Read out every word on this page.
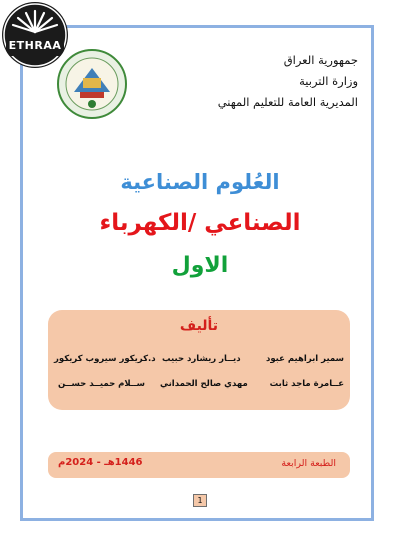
ETHRAA
جمهورية العراق
وزارة التربية
المديرية العامة للتعليم المهني
العُلوم الصناعية
الصناعي /الكهرباء
الاول
تأليف
سمير ابراهيم عبود
ديــار ريشارد حبيب
د.كريكور سيروب كريكور
عــامرة ماجد ثابت
مهدي صالح الحمداني
ســلام حميــد حســن
الطبعة الرابعة
1446هـ - 2024م
1
